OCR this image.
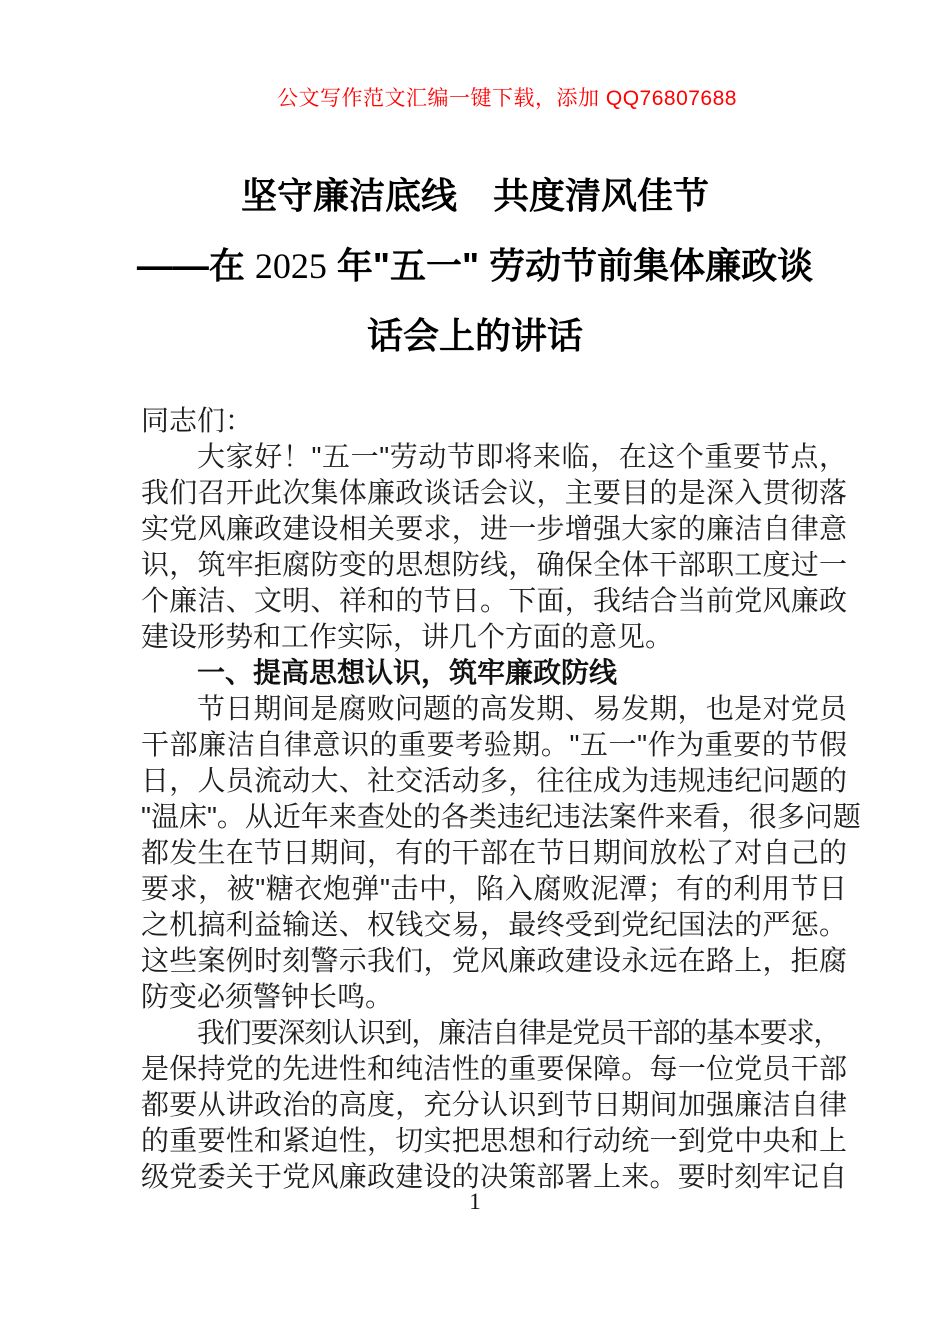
公文写作范文汇编一键下载，添加 QQ76807688
坚守廉洁底线　共度清风佳节
——在 2025 年"五一" 劳动节前集体廉政谈
话会上的讲话
同志们：
大家好！"五一"劳动节即将来临，在这个重要节点，
我们召开此次集体廉政谈话会议，主要目的是深入贯彻落
实党风廉政建设相关要求，进一步增强大家的廉洁自律意
识，筑牢拒腐防变的思想防线，确保全体干部职工度过一
个廉洁、文明、祥和的节日。下面，我结合当前党风廉政
建设形势和工作实际，讲几个方面的意见。
一、提高思想认识，筑牢廉政防线
节日期间是腐败问题的高发期、易发期，也是对党员
干部廉洁自律意识的重要考验期。"五一"作为重要的节假
日，人员流动大、社交活动多，往往成为违规违纪问题的
"温床"。从近年来查处的各类违纪违法案件来看，很多问题
都发生在节日期间，有的干部在节日期间放松了对自己的
要求，被"糖衣炮弹"击中，陷入腐败泥潭；有的利用节日
之机搞利益输送、权钱交易，最终受到党纪国法的严惩。
这些案例时刻警示我们，党风廉政建设永远在路上，拒腐
防变必须警钟长鸣。
我们要深刻认识到，廉洁自律是党员干部的基本要求，
是保持党的先进性和纯洁性的重要保障。每一位党员干部
都要从讲政治的高度，充分认识到节日期间加强廉洁自律
的重要性和紧迫性，切实把思想和行动统一到党中央和上
级党委关于党风廉政建设的决策部署上来。要时刻牢记自
1
